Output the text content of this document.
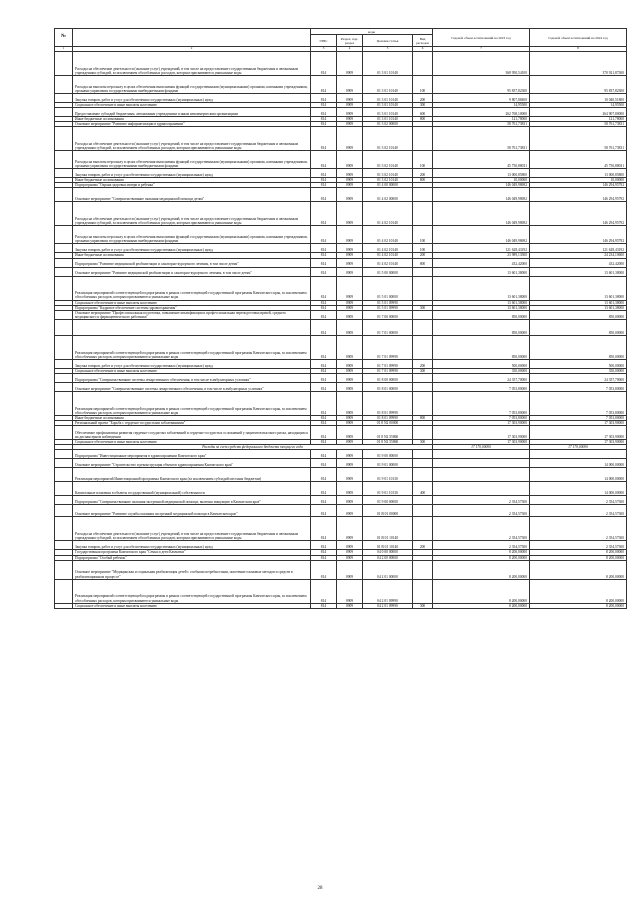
№		коды				Годовой объем ассигнований на 2023 год	Годовой объем ассигнований на 2024 год
		ГРБС	Раздел, под-раздел	Целевая статья	Вид расходов		
1	2	3	4	5	6	7	8
	Расходы на обеспечение деятельности (оказание услуг) учреждений, в том числе на предоставление государственным бюджетным и автономным учреждениям субсидий, за исключением обособленных расходов, которым присваиваются уникальные коды	814	0909	01 3 01 10140		368 950,54100	370 921,87300
	Расходы на выплаты персоналу в целях обеспечения выполнения функций государственными (муниципальными) органами, казенными учреждениями, органами управления государственными внебюджетными фондами	814	0909	01 3 01 10140	100	95 837,82300	95 837,82300
	Закупка товаров, работ и услуг для обеспечения государственных (муниципальных) нужд	814	0909	01 3 01 10140	200	9 807,88400	10 040,51800
	Социальное обеспечение и иные выплаты населению	814	0909	01 3 01 10140	300	14,95500	14,95500
	Предоставление субсидий бюджетным, автономным учреждениям и иным некоммерческим организациям	814	0909	01 3 01 10140	600	262 768,10000	264 907,80000
	Иные бюджетные ассигнования	814	0909	01 3 01 10140	800	121,78000	121,78000
	Основное мероприятие "Развитие информатизации в здравоохранении"	814	0909	01 3 02 00000		58 761,73831	58 761,73831
	Расходы на обеспечение деятельности (оказание услуг) учреждений, в том числе на предоставление государственным бюджетным и автономным учреждениям субсидий, за исключением обособленных расходов, которым присваиваются уникальные коды	814	0909	01 3 02 10140		58 761,73831	58 761,73831
	Расходы на выплаты персоналу в целях обеспечения выполнения функций государственными (муниципальными) органами, казенными учреждениями, органами управления государственными внебюджетными фондами	814	0909	01 3 02 10140	100	45 750,88031	45 750,88031
	Закупка товаров, работ и услуг для обеспечения государственных (муниципальных) нужд	814	0909	01 3 02 10140	200	13 000,85800	13 000,85800
	Иные бюджетные ассигнования	814	0909	01 3 02 10140	800	10,00000	10,00000
	Подпрограмма "Охрана здоровья матери и ребенка"	814	0909	01 4 00 00000		146 049,98692	146 294,95792
	Основное мероприятие "Совершенствование оказания медицинской помощи детям"	814	0909	01 4 02 00000		146 049,98692	146 294,95792
	Расходы на обеспечение деятельности (оказание услуг) учреждений, в том числе на предоставление государственным бюджетным и автономным учреждениям субсидий, за исключением обособленных расходов, которым присваиваются уникальные коды	814	0909	01 4 02 10140		146 049,98692	146 294,95792
	Расходы на выплаты персоналу в целях обеспечения выполнения функций государственными (муниципальными) органами, казенными учреждениями, органами управления государственными внебюджетными фондами	814	0909	01 4 02 10140	100	146 049,98692	146 294,95792
	Закупка товаров, работ и услуг для обеспечения государственных (муниципальных) нужд	814	0909	01 4 02 10140	100	121 628,43192	121 628,43192
	Иные бюджетные ассигнования	814	0909	01 4 02 10140	200	23 989,13500	24 234,10600
	Подпрограмма "Развитие медицинской реабилитации и санаторно-курортного лечения, в том числе детям"	814	0909	01 4 02 10140	800	432,42000	432,42000
	Основное мероприятие "Развитие медицинской реабилитации и санаторно-курортного лечения, в том числе детям"	814	0909	01 5 00 00000		13 601,38000	13 601,38000
	Реализация мероприятий соответствующей подпрограммы в рамках соответствующей государственной программы Камчатского края, за исключением обособленных расходов, которым присваиваются уникальные коды	814	0909	01 5 01 00000		13 601,38000	13 601,38000
	Социальное обеспечение и иные выплаты населению	814	0909	01 5 01 09990		13 601,38000	13 601,38000
	Подпрограмма "Кадровое обеспечение системы здравоохранения"	814	0909	01 5 01 09990	300	13 601,38000	13 601,38000
	Основное мероприятие "Профессиональная подготовка, повышение квалификации и профессиональная переподготовка врачей, среднего медицинского и фармацевтического работника"	814	0909	01 7 00 00000		850,00000	850,00000
		814	0909	01 7 01 00000		850,00000	850,00000
	Реализация мероприятий соответствующей подпрограммы в рамках соответствующей государственной программы Камчатского края, за исключением обособленных расходов, которым присваиваются уникальные коды	814	0909	01 7 01 09990		850,00000	850,00000
	Закупка товаров, работ и услуг для обеспечения государственных (муниципальных) нужд	814	0909	01 7 01 09990	200	500,00000	500,00000
	Социальное обеспечение и иные выплаты населению	814	0909	01 7 01 09990	300	350,00000	350,00000
	Подпрограмма "Совершенствование системы лекарственного обеспечения, в том числе в амбулаторных условиях"	814	0909	01 8 00 00000		24 357,70000	24 357,70000
	Основное мероприятие "Совершенствование системы лекарственного обеспечения, в том числе в амбулаторных условиях"	814	0909	01 8 01 00000		7 053,80000	7 053,80000
	Реализация мероприятий соответствующей подпрограммы в рамках соответствующей государственной программы Камчатского края, за исключением обособленных расходов, которым присваиваются уникальные коды	814	0909	01 8 01 09990		7 053,80000	7 053,80000
	Иные бюджетные ассигнования	814	0909	01 8 01 09990	800	7 053,80000	7 053,80000
	Региональный проект "Борьба с сердечно-сосудистыми заболеваниями"	814	0909	01 8 N2 00000		17 303,90000	17 303,90000
	Обеспечение профилактики развития сердечно-сосудистых заболеваний и сердечно-сосудистых осложнений у пациентов высокого риска, находящихся на диспансерном наблюдении	814	0909	01 8 N2 55860		17 303,90000	17 303,90000
	Социальное обеспечение и иные выплаты населению	814	0909	01 8 N2 55860	300	17 303,90000	17 303,90000
	Расходы за счет средств федерального бюджета текущего года					17 170,00000	17 170,00000
	Подпрограмма "Инвестиционные мероприятия в здравоохранении Камчатского края"	814	0909	01 9 00 00000			
	Основное мероприятие "Строительство и реконструкция объектов здравоохранения Камчатского края"	814	0909	01 9 01 00000			14 000,00000
	Реализация мероприятий Инвестиционной программы Камчатского края (за исключением субсидий местным бюджетам)	814	0909	01 9 01 10130			14 000,00000
	Капитальные вложения в объекты государственной (муниципальной) собственности	814	0909	01 9 01 10130	400		14 000,00000
	Подпрограмма "Совершенствование оказания экстренной медицинской помощи, включая эвакуацию в Камчатском крае"	814	0909	01 9 00 00000		2 354,57300	2 354,57300
	Основное мероприятие "Развитие службы оказания экстренной медицинской помощи в Камчатском крае"	814	0909	01 В 01 00000		2 354,57300	2 354,57300
	Расходы на обеспечение деятельности (оказание услуг) учреждений, в том числе на предоставление государственным бюджетным и автономным учреждениям субсидий, за исключением обособленных расходов, которым присваиваются уникальные коды	814	0909	01 В 01 10140		2 354,57300	2 354,57300
	Закупка товаров, работ и услуг для обеспечения государственных (муниципальных) нужд	814	0909	01 В 01 10140	200	2 354,57300	2 354,57300
	Государственная программа Камчатского края "Семья и дети Камчатки"	814	0909	04 0 00 00000		8 200,00000	8 200,00000
	Подпрограмма "Особый ребенок"	814	0909	04 2 00 00000		8 200,00000	8 200,00000
	Основное мероприятие "Медицинская и социальная реабилитация детей с особыми потребностями, попечение плановых методов и средств в реабилитационном процессе"	814	0909	04 2 01 00000		8 200,00000	8 200,00000
	Реализация мероприятий соответствующей подпрограммы в рамках соответствующей государственной программы Камчатского края, за исключением обособленных расходов, которым присваиваются уникальные коды	814	0909	04 2 01 09990		8 200,00000	8 200,00000
	Социальное обеспечение и иные выплаты населению	814	0909	04 2 01 09990	300	8 200,00000	8 200,00000
28
